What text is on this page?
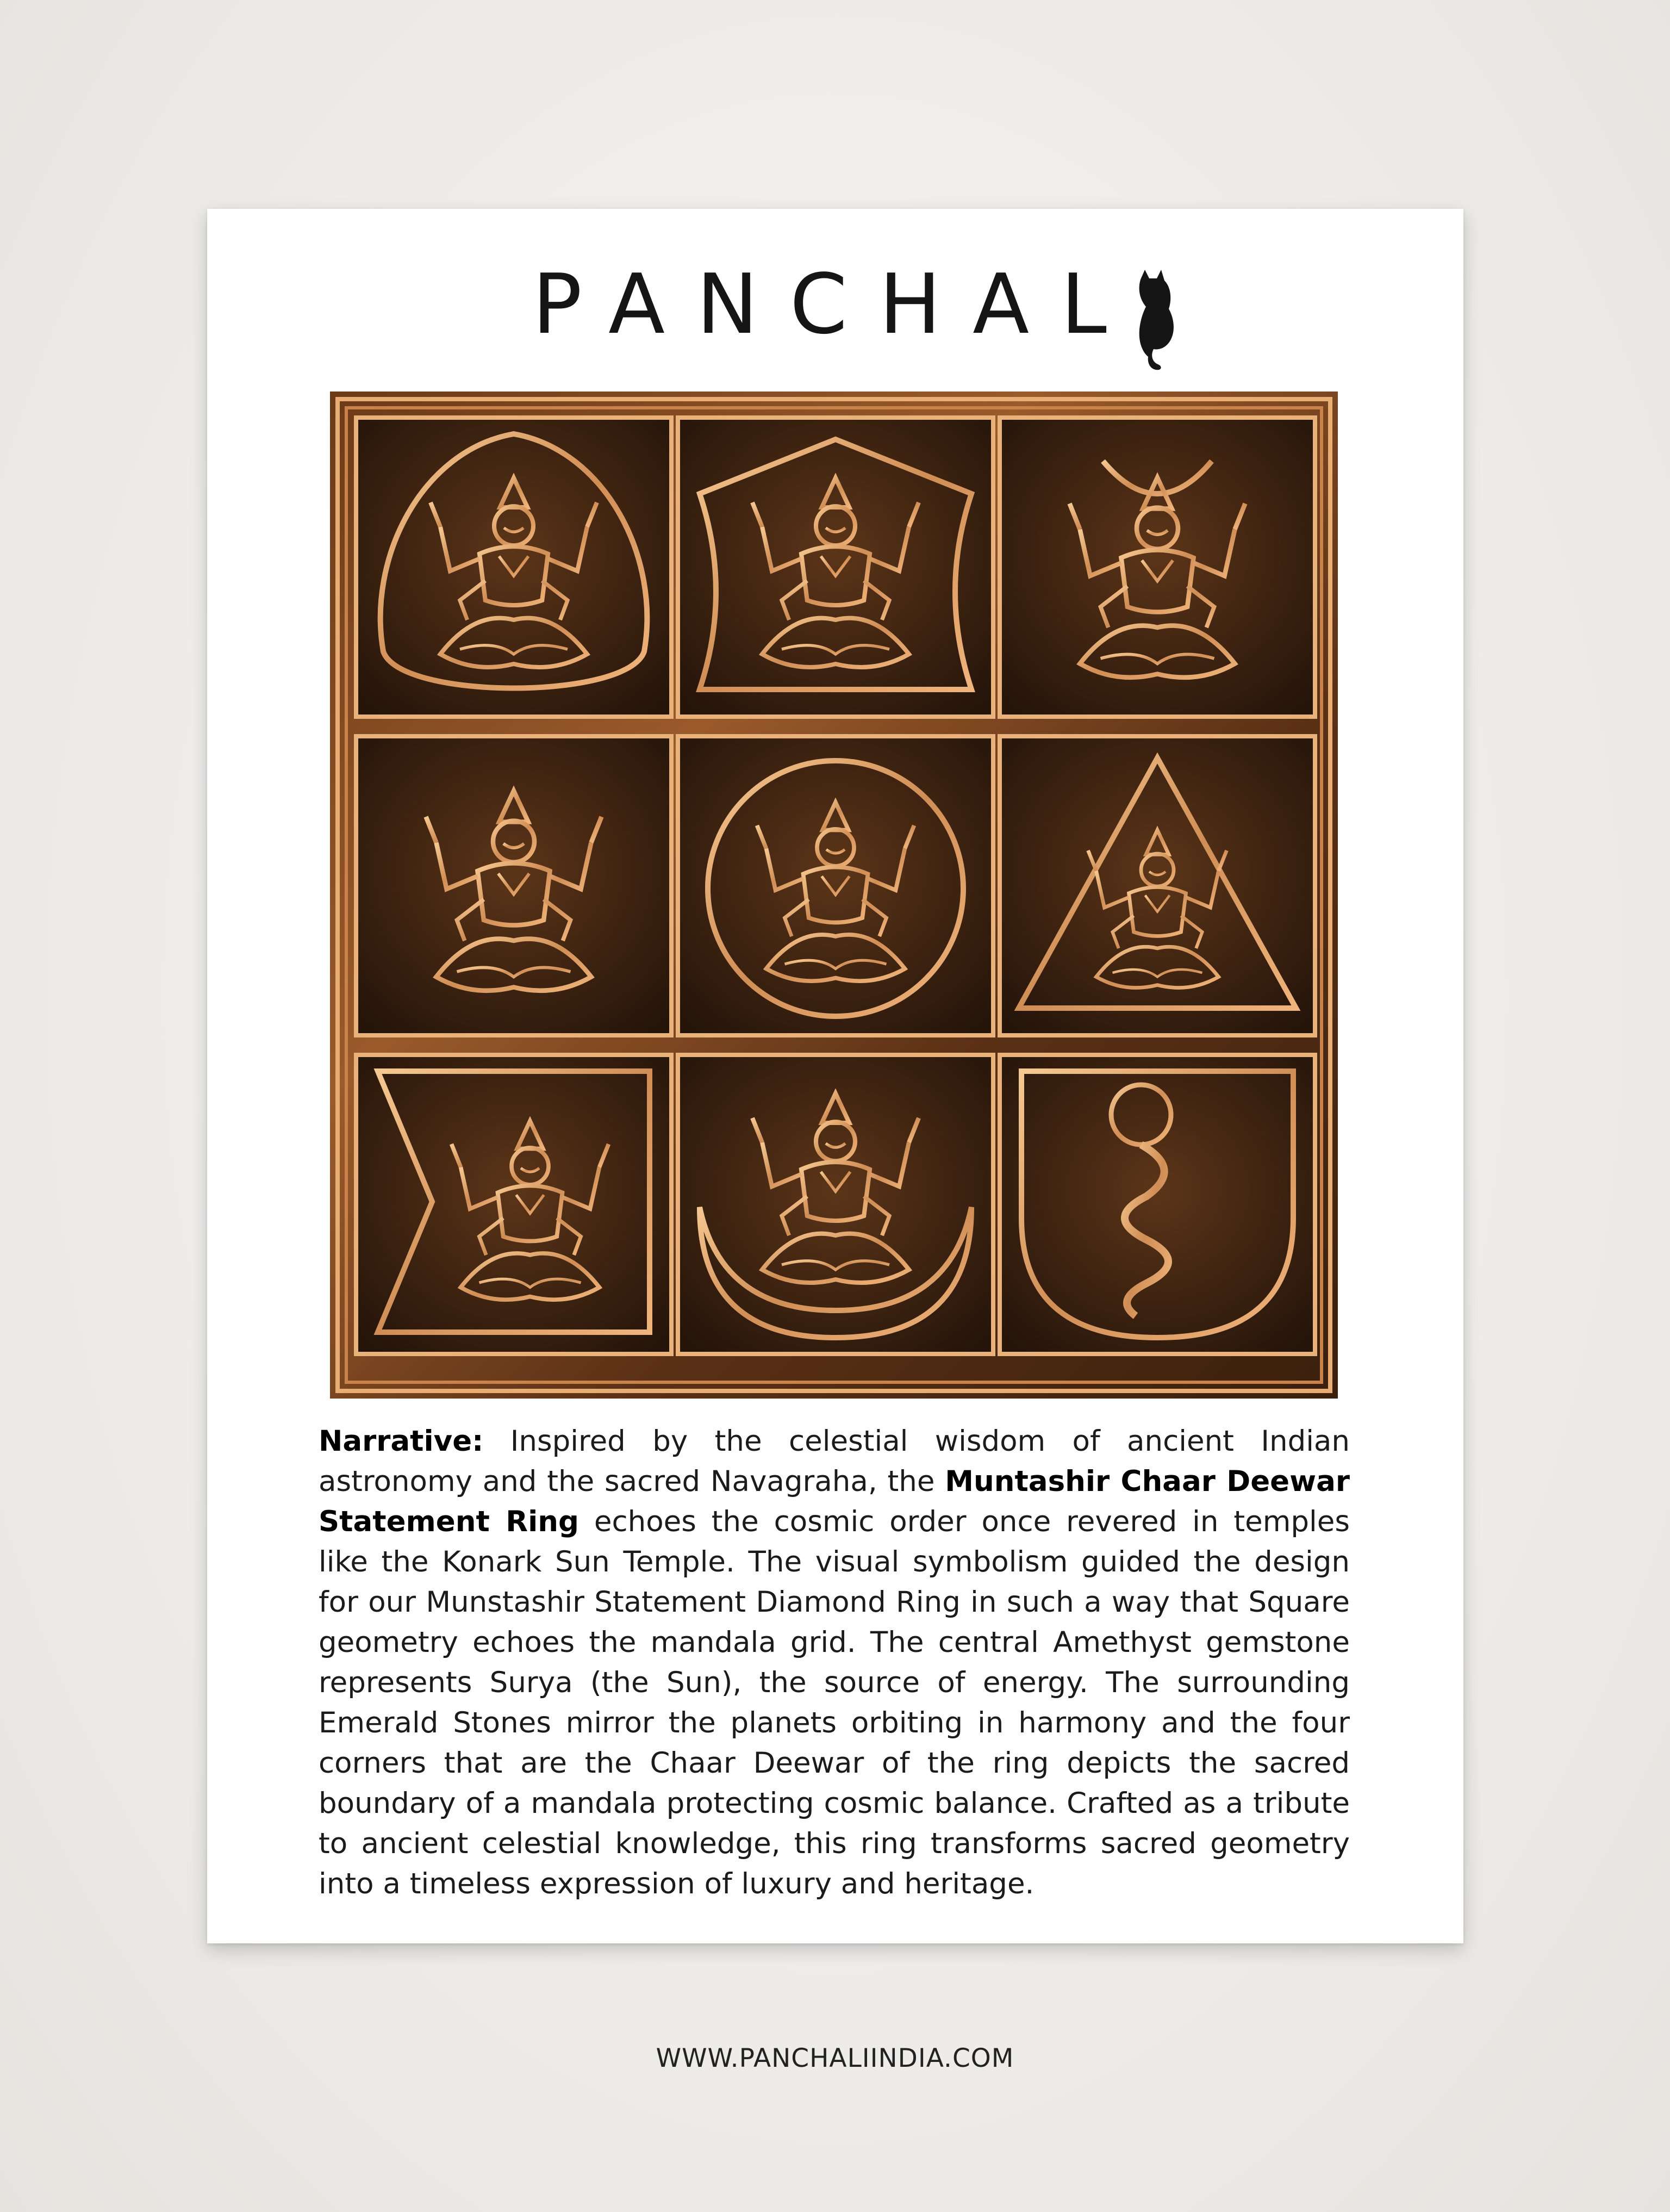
PANCHAL

Narrative: Inspired by the celestial wisdom of ancient Indian astronomy and the sacred Navagraha, the Muntashir Chaar Deewar Statement Ring echoes the cosmic order once revered in temples like the Konark Sun Temple. The visual symbolism guided the design for our Munstashir Statement Diamond Ring in such a way that Square geometry echoes the mandala grid. The central Amethyst gemstone represents Surya (the Sun), the source of energy. The surrounding Emerald Stones mirror the planets orbiting in harmony and the four corners that are the Chaar Deewar of the ring depicts the sacred boundary of a mandala protecting cosmic balance. Crafted as a tribute to ancient celestial knowledge, this ring transforms sacred geometry into a timeless expression of luxury and heritage.

WWW.PANCHALIINDIA.COM
